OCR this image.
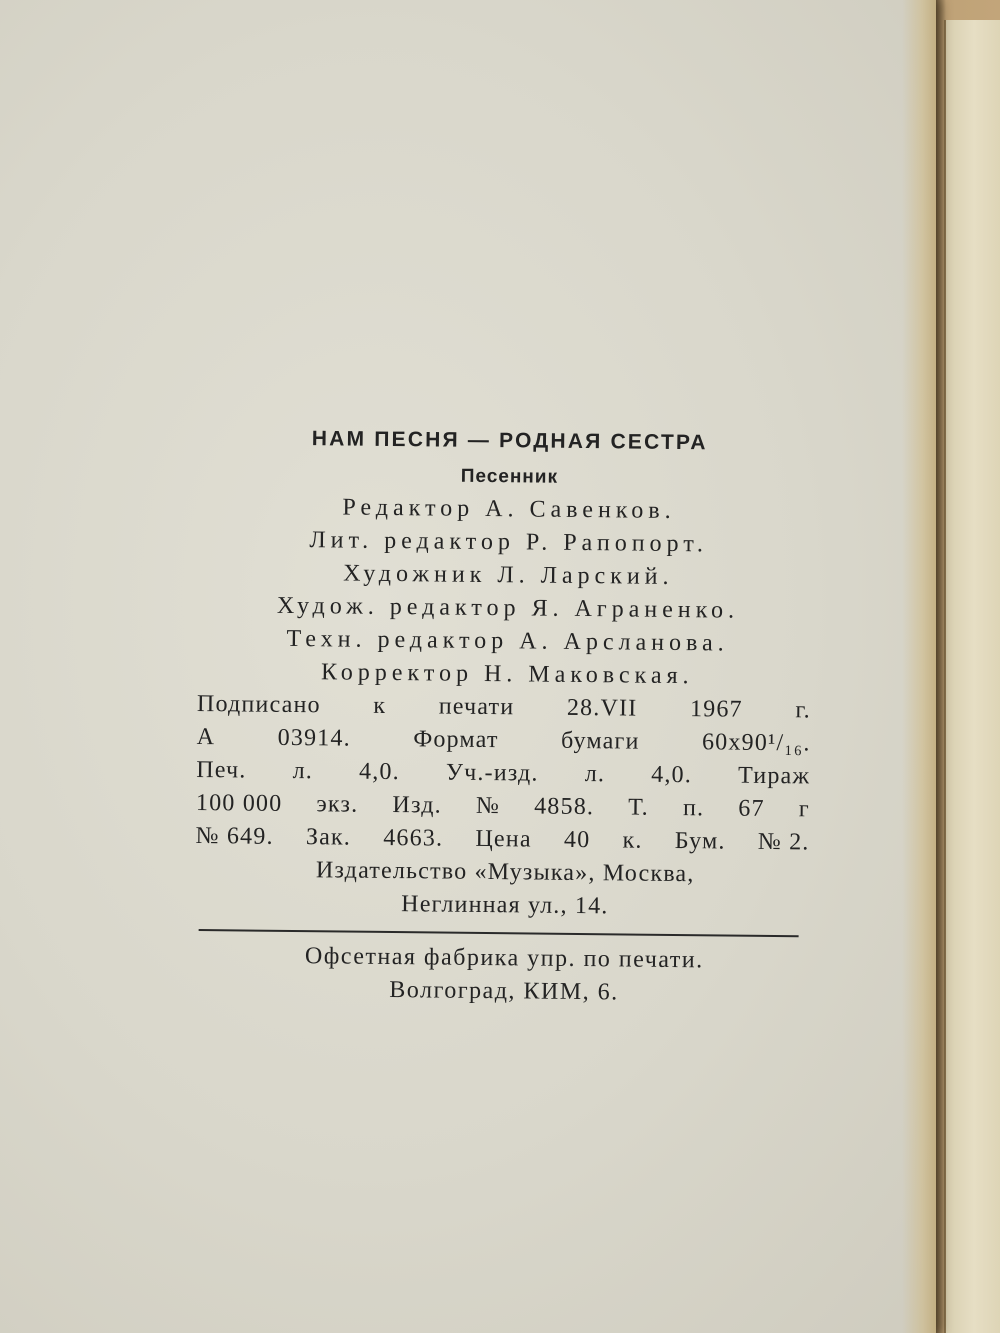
НАМ ПЕСНЯ — РОДНАЯ СЕСТРА
Песенник
Редактор А. Савенков.
Лит. редактор Р. Рапопорт.
Художник Л. Ларский.
Худож. редактор Я. Аграненко.
Техн. редактор А. Арсланова.
Корректор Н. Маковская.
Подписано к печати 28.VII 1967 г.
А	03914.	Формат	бумаги	60x90¹/₁₆.
Печ. л. 4,0. Уч.-изд. л. 4,0. Тираж
100 000 экз. Изд. № 4858. Т. п. 67 г
№ 649. Зак. 4663. Цена 40 к. Бум. № 2.
Издательство «Музыка», Москва,
Неглинная ул., 14.
Офсетная фабрика упр. по печати.
Волгоград, КИМ, 6.
